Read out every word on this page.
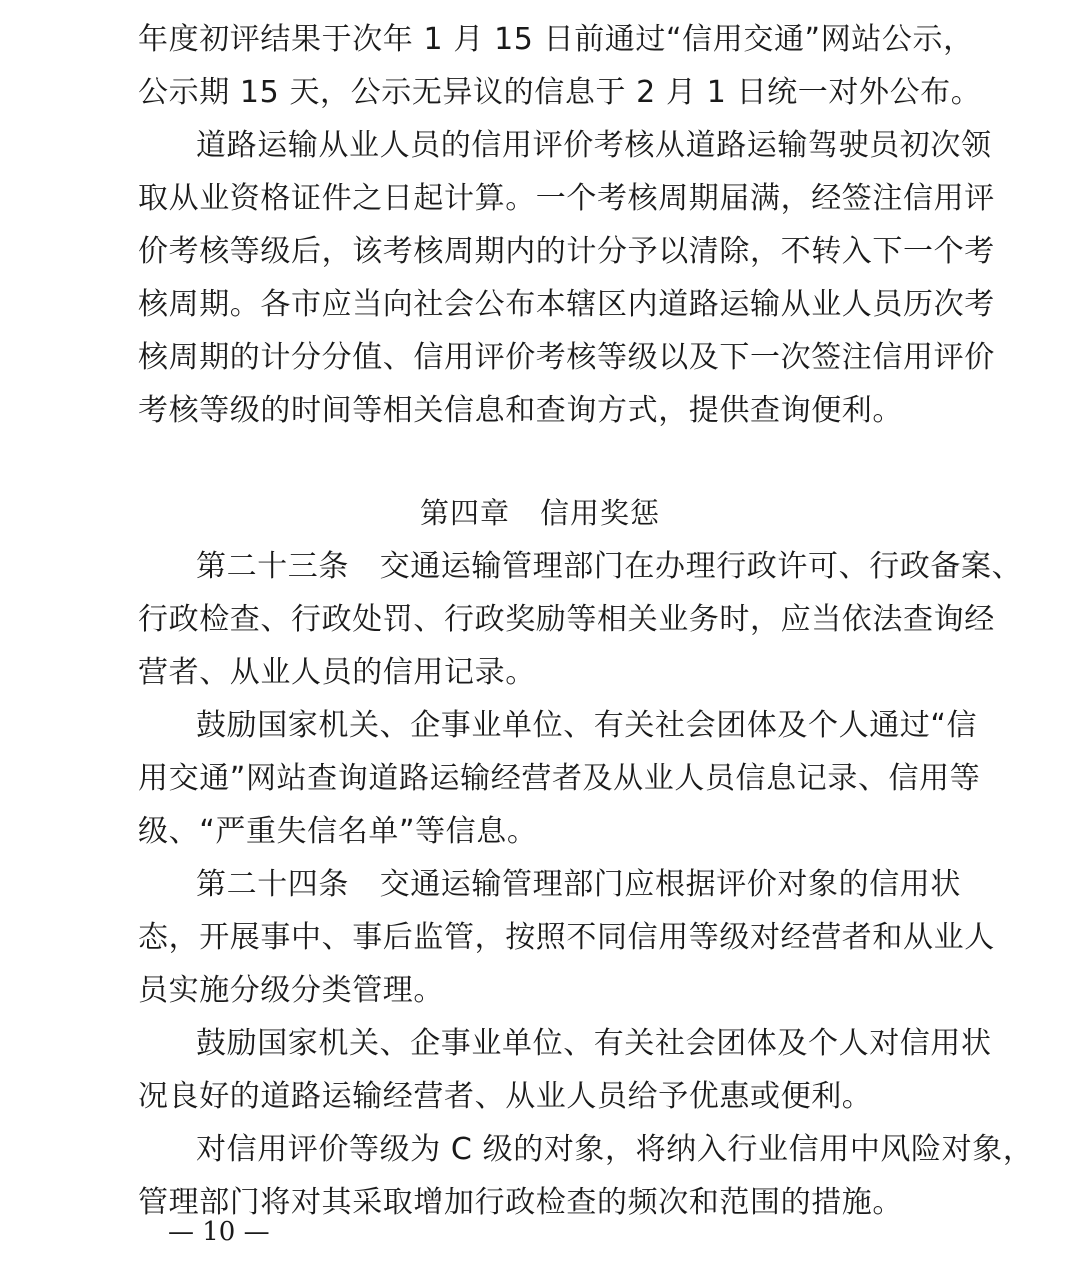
年度初评结果于次年 1 月 15 日前通过“信用交通”网站公示，
公示期 15 天，公示无异议的信息于 2 月 1 日统一对外公布。
道路运输从业人员的信用评价考核从道路运输驾驶员初次领
取从业资格证件之日起计算。一个考核周期届满，经签注信用评
价考核等级后，该考核周期内的计分予以清除，不转入下一个考
核周期。各市应当向社会公布本辖区内道路运输从业人员历次考
核周期的计分分值、信用评价考核等级以及下一次签注信用评价
考核等级的时间等相关信息和查询方式，提供查询便利。
第四章　信用奖惩
第二十三条　交通运输管理部门在办理行政许可、行政备案、
行政检查、行政处罚、行政奖励等相关业务时，应当依法查询经
营者、从业人员的信用记录。
鼓励国家机关、企事业单位、有关社会团体及个人通过“信
用交通”网站查询道路运输经营者及从业人员信息记录、信用等
级、“严重失信名单”等信息。
第二十四条　交通运输管理部门应根据评价对象的信用状
态，开展事中、事后监管，按照不同信用等级对经营者和从业人
员实施分级分类管理。
鼓励国家机关、企事业单位、有关社会团体及个人对信用状
况良好的道路运输经营者、从业人员给予优惠或便利。
对信用评价等级为 C 级的对象，将纳入行业信用中风险对象，
管理部门将对其采取增加行政检查的频次和范围的措施。
— 10 —
